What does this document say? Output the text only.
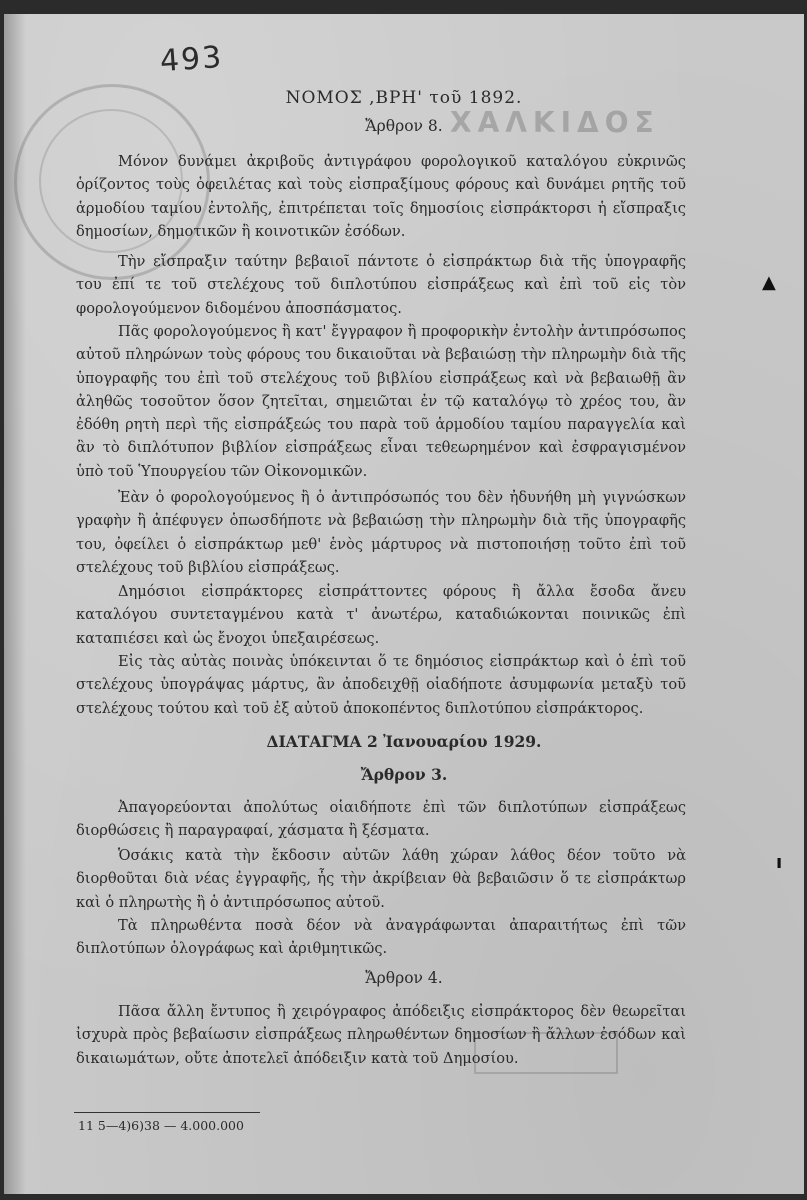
ΧΑΛΚΙΔΟΣ
493
ΝΟΜΟΣ ,ΒΡΗ' τοῦ 1892.
Ἄρθρον 8.

Μόνον δυνάμει ἀκριβοῦς ἀντιγράφου φορολογικοῦ καταλόγου εὐκρινῶς ὁρίζοντος τοὺς ὀφειλέτας καὶ τοὺς εἰσπραξίμους φόρους καὶ δυνάμει ρητῆς τοῦ ἁρμοδίου ταμίου ἐντολῆς, ἐπιτρέπεται τοῖς δημοσίοις εἰσπράκτορσι ἡ εἴσπραξις δημοσίων, δημοτικῶν ἢ κοινοτικῶν ἐσόδων.

Τὴν εἴσπραξιν ταύτην βεβαιοῖ πάντοτε ὁ εἰσπράκτωρ διὰ τῆς ὑπογραφῆς του ἐπί τε τοῦ στελέχους τοῦ διπλοτύπου εἰσπράξεως καὶ ἐπὶ τοῦ εἰς τὸν φορολογούμενον διδομένου ἀποσπάσματος.

Πᾶς φορολογούμενος ἢ κατ' ἔγγραφον ἢ προφορικὴν ἐντολὴν ἀντιπρόσωπος αὐτοῦ πληρώνων τοὺς φόρους του δικαιοῦται νὰ βεβαιώσῃ τὴν πληρωμὴν διὰ τῆς ὑπογραφῆς του ἐπὶ τοῦ στελέχους τοῦ βιβλίου εἰσπράξεως καὶ νὰ βεβαιωθῇ ἂν ἀληθῶς τοσοῦτον ὅσον ζητεῖται, σημειῶται ἐν τῷ καταλόγῳ τὸ χρέος του, ἂν ἐδόθη ρητὴ περὶ τῆς εἰσπράξεώς του παρὰ τοῦ ἁρμοδίου ταμίου παραγγελία καὶ ἂν τὸ διπλότυπον βιβλίον εἰσπράξεως εἶναι τεθεωρημένον καὶ ἐσφραγισμένον ὑπὸ τοῦ Ὑπουργείου τῶν Οἰκονομικῶν.

Ἐὰν ὁ φορολογούμενος ἢ ὁ ἀντιπρόσωπός του δὲν ἠδυνήθη μὴ γιγνώσκων γραφὴν ἢ ἀπέφυγεν ὁπωσδήποτε νὰ βεβαιώσῃ τὴν πληρωμὴν διὰ τῆς ὑπογραφῆς του, ὀφείλει ὁ εἰσπράκτωρ μεθ' ἑνὸς μάρτυρος νὰ πιστοποιήσῃ τοῦτο ἐπὶ τοῦ στελέχους τοῦ βιβλίου εἰσπράξεως.

Δημόσιοι εἰσπράκτορες εἰσπράττοντες φόρους ἢ ἄλλα ἔσοδα ἄνευ καταλόγου συντεταγμένου κατὰ τ' ἀνωτέρω, καταδιώκονται ποινικῶς ἐπὶ καταπιέσει καὶ ὡς ἔνοχοι ὑπεξαιρέσεως.

Εἰς τὰς αὐτὰς ποινὰς ὑπόκεινται ὅ τε δημόσιος εἰσπράκτωρ καὶ ὁ ἐπὶ τοῦ στελέχους ὑπογράψας μάρτυς, ἂν ἀποδειχθῇ οἱαδήποτε ἀσυμφωνία μεταξὺ τοῦ στελέχους τούτου καὶ τοῦ ἐξ αὐτοῦ ἀποκοπέντος διπλοτύπου εἰσπράκτορος.

ΔΙΑΤΑΓΜΑ 2 Ἰανουαρίου 1929.
Ἄρθρον 3.

Ἀπαγορεύονται ἀπολύτως οἱαιδήποτε ἐπὶ τῶν διπλοτύπων εἰσπράξεως διορθώσεις ἢ παραγραφαί, χάσματα ἢ ξέσματα.

Ὁσάκις κατὰ τὴν ἔκδοσιν αὐτῶν λάθη χώραν λάθος δέον τοῦτο νὰ διορθοῦται διὰ νέας ἐγγραφῆς, ἧς τὴν ἀκρίβειαν θὰ βεβαιῶσιν ὅ τε εἰσπράκτωρ καὶ ὁ πληρωτὴς ἢ ὁ ἀντιπρόσωπος αὐτοῦ.

Τὰ πληρωθέντα ποσὰ δέον νὰ ἀναγράφωνται ἀπαραιτήτως ἐπὶ τῶν διπλοτύπων ὁλογράφως καὶ ἀριθμητικῶς.

Ἄρθρον 4.

Πᾶσα ἄλλη ἔντυπος ἢ χειρόγραφος ἀπόδειξις εἰσπράκτορος δὲν θεωρεῖται ἰσχυρὰ πρὸς βεβαίωσιν εἰσπράξεως πληρωθέντων δημοσίων ἢ ἄλλων ἐσόδων καὶ δικαιωμάτων, οὔτε ἀποτελεῖ ἀπόδειξιν κατὰ τοῦ Δημοσίου.

11 5—4)6)38 — 4.000.000
▲
ı
